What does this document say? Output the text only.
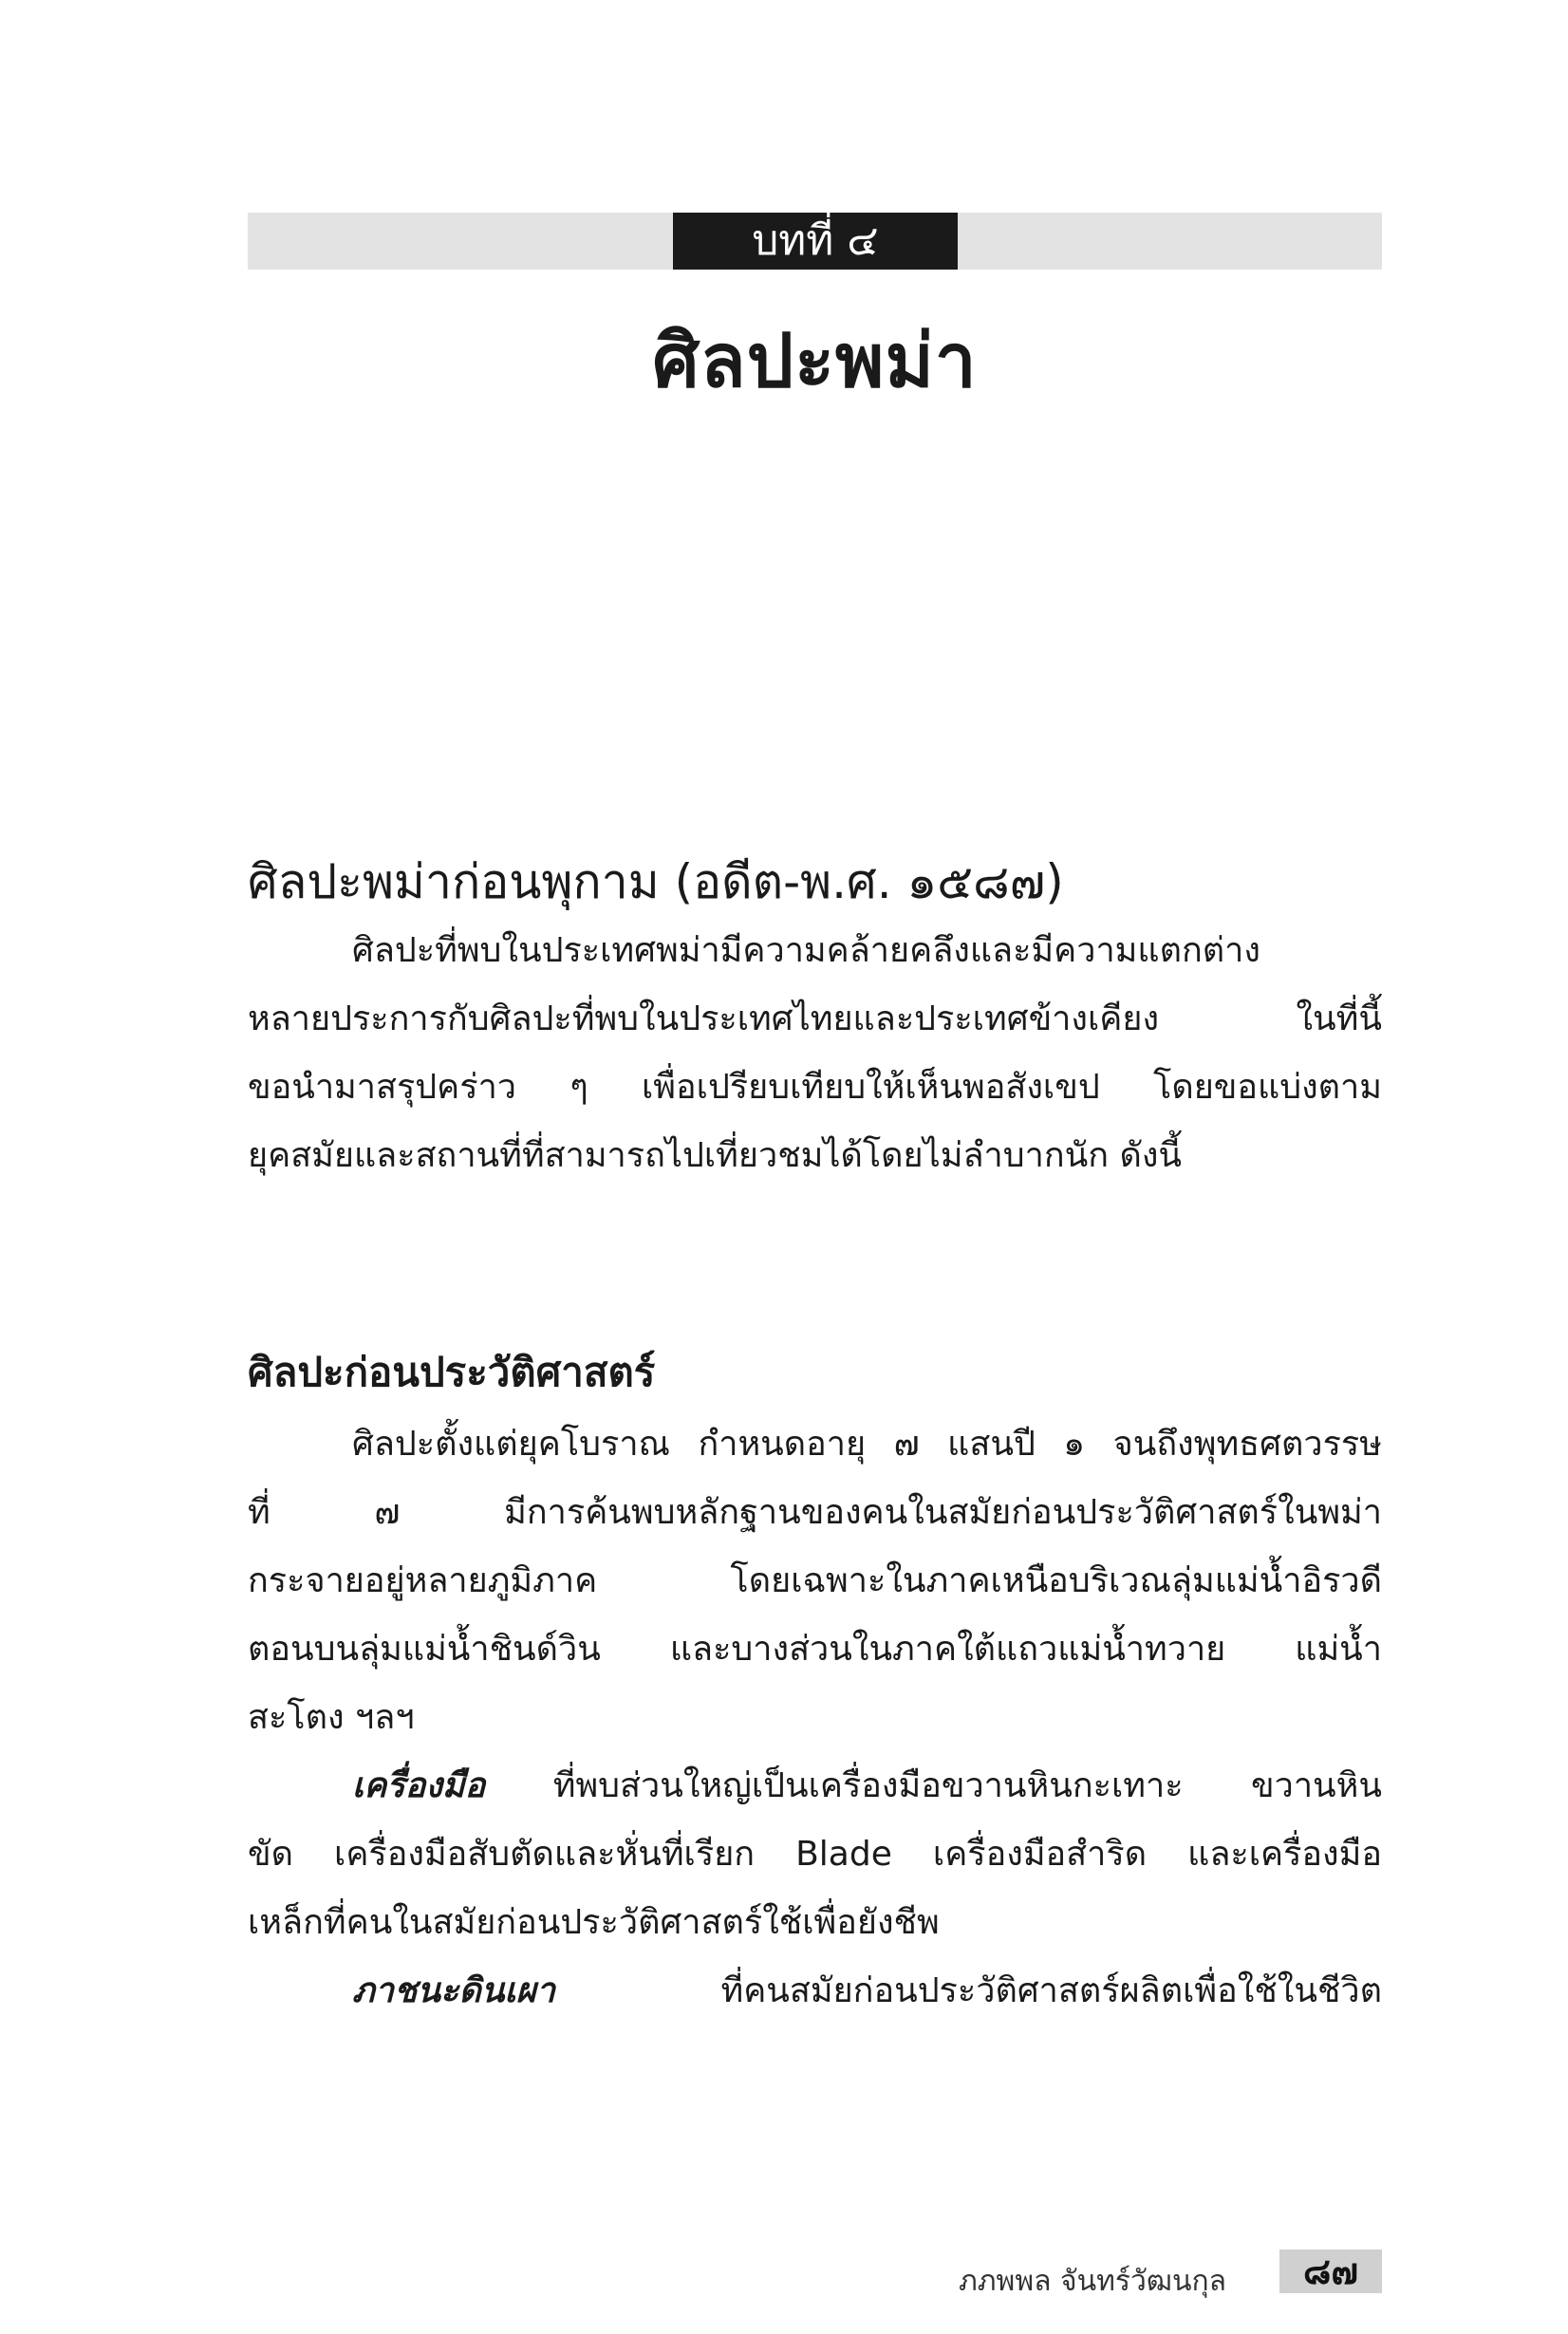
บทที่ ๔
ศิลปะพม่า
ศิลปะพม่าก่อนพุกาม (อดีต-พ.ศ. ๑๕๘๗)
ศิลปะที่พบในประเทศพม่ามีความคล้ายคลึงและมีความแตกต่าง
หลายประการกับศิลปะที่พบในประเทศไทยและประเทศข้างเคียง ในที่นี้
ขอนำมาสรุปคร่าว ๆ เพื่อเปรียบเทียบให้เห็นพอสังเขป โดยขอแบ่งตาม
ยุคสมัยและสถานที่ที่สามารถไปเที่ยวชมได้โดยไม่ลำบากนัก ดังนี้
ศิลปะก่อนประวัติศาสตร์
ศิลปะตั้งแต่ยุคโบราณ กำหนดอายุ ๗ แสนปี ๑ จนถึงพุทธศตวรรษ
ที่ ๗ มีการค้นพบหลักฐานของคนในสมัยก่อนประวัติศาสตร์ในพม่า
กระจายอยู่หลายภูมิภาค โดยเฉพาะในภาคเหนือบริเวณลุ่มแม่น้ำอิรวดี
ตอนบนลุ่มแม่น้ำชินด์วิน และบางส่วนในภาคใต้แถวแม่น้ำทวาย แม่น้ำ
สะโตง ฯลฯ
เครื่องมือ ที่พบส่วนใหญ่เป็นเครื่องมือขวานหินกะเทาะ ขวานหิน
ขัด เครื่องมือสับตัดและหั่นที่เรียก Blade เครื่องมือสำริด และเครื่องมือ
เหล็กที่คนในสมัยก่อนประวัติศาสตร์ใช้เพื่อยังชีพ
ภาชนะดินเผา ที่คนสมัยก่อนประวัติศาสตร์ผลิตเพื่อใช้ในชีวิต
ภภพพล จันทร์วัฒนกุล	๘๗
